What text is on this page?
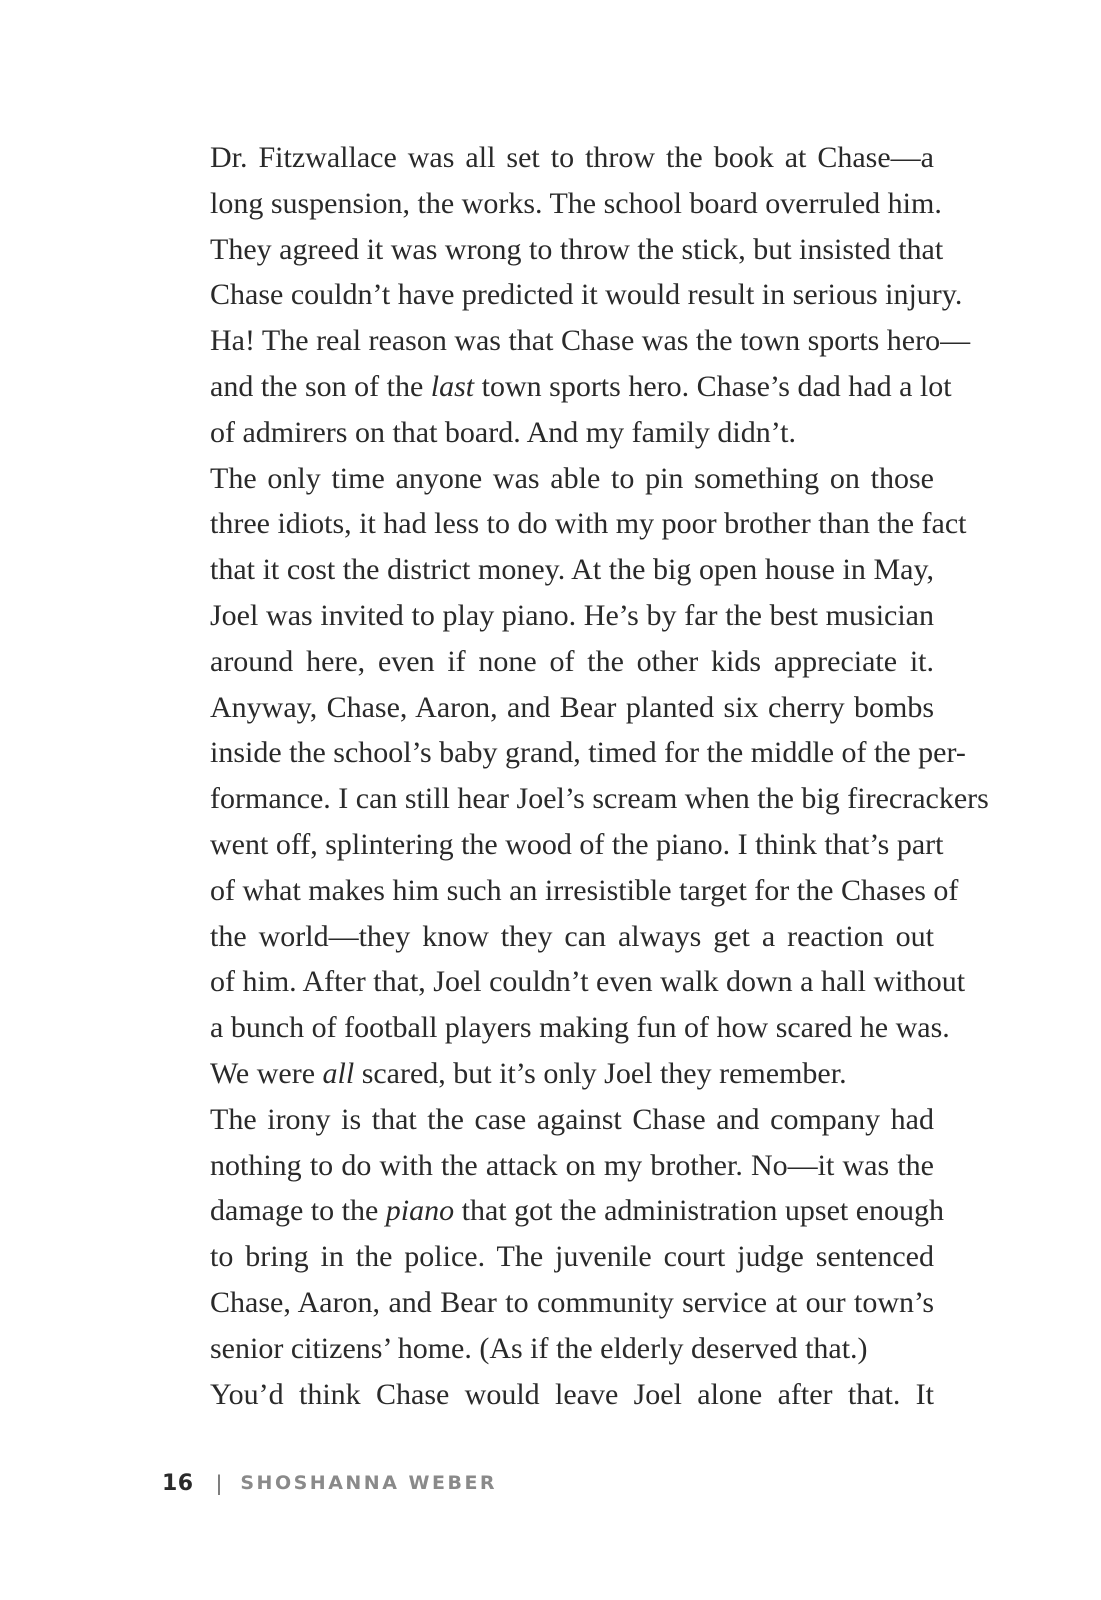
Dr. Fitzwallace was all set to throw the book at Chase—a
long suspension, the works. The school board overruled him.
They agreed it was wrong to throw the stick, but insisted that
Chase couldn’t have predicted it would result in serious injury.
Ha! The real reason was that Chase was the town sports hero—
and the son of the last town sports hero. Chase’s dad had a lot
of admirers on that board. And my family didn’t.

The only time anyone was able to pin something on those
three idiots, it had less to do with my poor brother than the fact
that it cost the district money. At the big open house in May,
Joel was invited to play piano. He’s by far the best musician
around here, even if none of the other kids appreciate it.
Anyway, Chase, Aaron, and Bear planted six cherry bombs
inside the school’s baby grand, timed for the middle of the per-
formance. I can still hear Joel’s scream when the big firecrackers
went off, splintering the wood of the piano. I think that’s part
of what makes him such an irresistible target for the Chases of
the world—they know they can always get a reaction out
of him. After that, Joel couldn’t even walk down a hall without
a bunch of football players making fun of how scared he was.
We were all scared, but it’s only Joel they remember.

The irony is that the case against Chase and company had
nothing to do with the attack on my brother. No—it was the
damage to the piano that got the administration upset enough
to bring in the police. The juvenile court judge sentenced
Chase, Aaron, and Bear to community service at our town’s
senior citizens’ home. (As if the elderly deserved that.)

You’d think Chase would leave Joel alone after that. It

16 | SHOSHANNA WEBER
